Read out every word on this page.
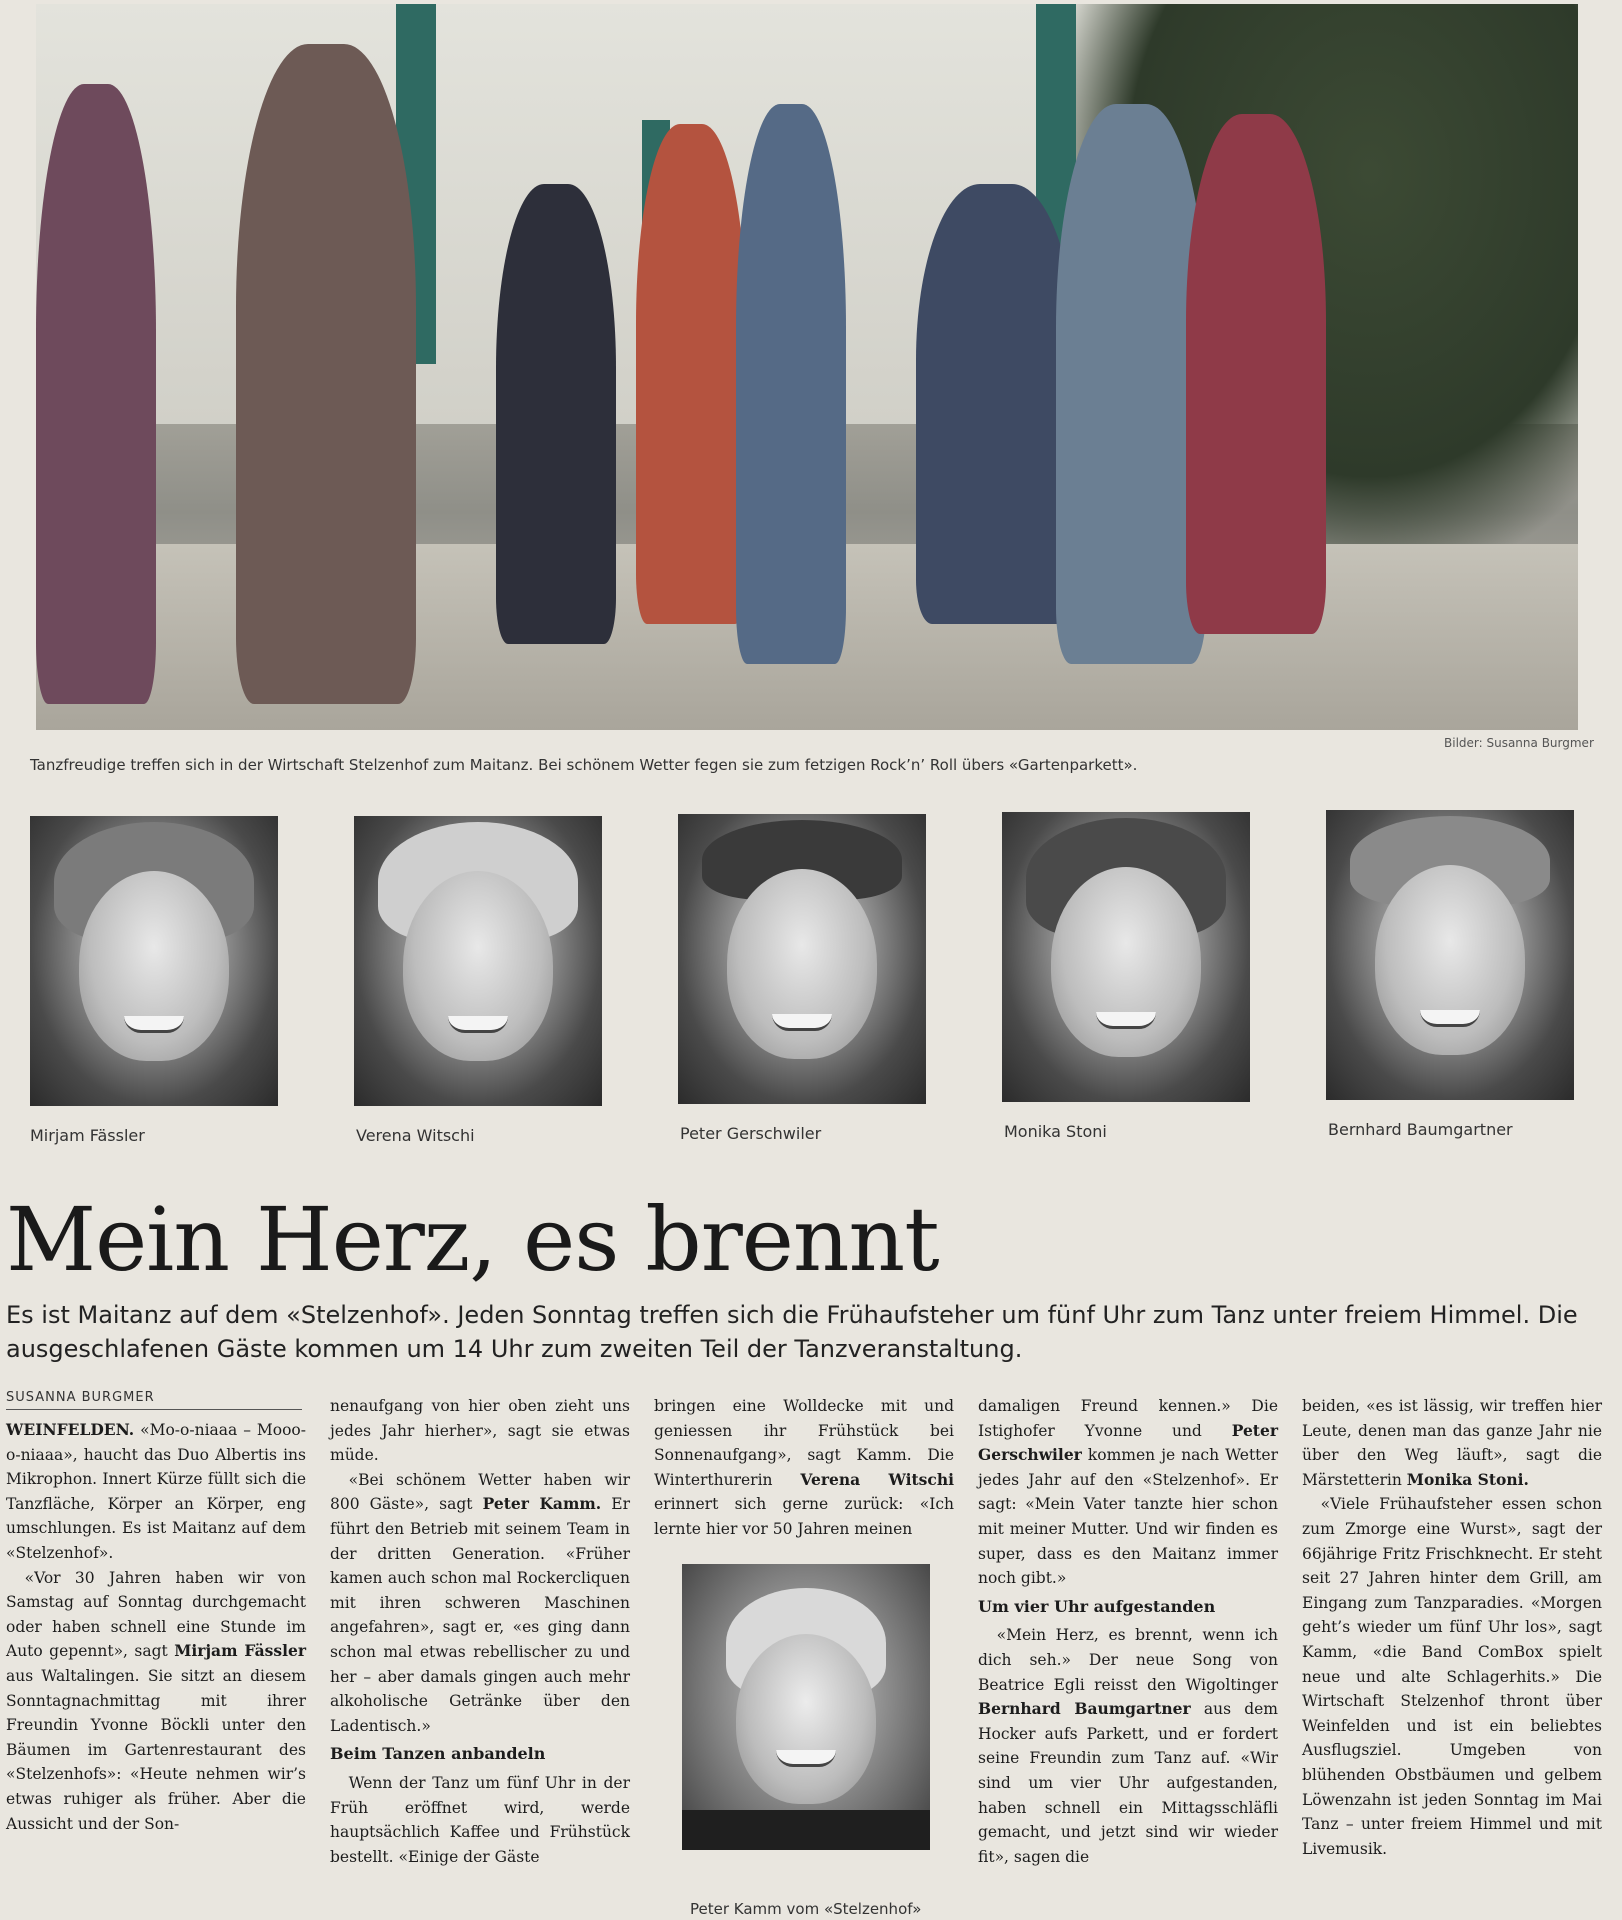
Bilder: Susanna Burgmer
Tanzfreudige treffen sich in der Wirtschaft Stelzenhof zum Maitanz. Bei schönem Wetter fegen sie zum fetzigen Rock’n’ Roll übers «Gartenparkett».
Mirjam Fässler	Verena Witschi	Peter Gerschwiler	Monika Stoni	Bernhard Baumgartner
Mein Herz, es brennt
Es ist Maitanz auf dem «Stelzenhof». Jeden Sonntag treffen sich die Frühaufsteher um fünf Uhr zum Tanz unter freiem Himmel. Die ausgeschlafenen Gäste kommen um 14 Uhr zum zweiten Teil der Tanzveranstaltung.
SUSANNA BURGMER

WEINFELDEN. «Mo-o-niaaa – Mooo-o-niaaa», haucht das Duo Albertis ins Mikrophon. Innert Kürze füllt sich die Tanzfläche, Körper an Körper, eng umschlungen. Es ist Maitanz auf dem «Stelzenhof».

«Vor 30 Jahren haben wir von Samstag auf Sonntag durchgemacht oder haben schnell eine Stunde im Auto gepennt», sagt Mirjam Fässler aus Waltalingen. Sie sitzt an diesem Sonntagnachmittag mit ihrer Freundin Yvonne Böckli unter den Bäumen im Gartenrestaurant des «Stelzenhofs»: «Heute nehmen wir’s etwas ruhiger als früher. Aber die Aussicht und der Son-

nenaufgang von hier oben zieht uns jedes Jahr hierher», sagt sie etwas müde.

«Bei schönem Wetter haben wir 800 Gäste», sagt Peter Kamm. Er führt den Betrieb mit seinem Team in der dritten Generation. «Früher kamen auch schon mal Rockercliquen mit ihren schweren Maschinen angefahren», sagt er, «es ging dann schon mal etwas rebellischer zu und her – aber damals gingen auch mehr alkoholische Getränke über den Ladentisch.»

Beim Tanzen anbandeln

Wenn der Tanz um fünf Uhr in der Früh eröffnet wird, werde hauptsächlich Kaffee und Frühstück bestellt. «Einige der Gäste

bringen eine Wolldecke mit und geniessen ihr Frühstück bei Sonnenaufgang», sagt Kamm. Die Winterthurerin Verena Witschi erinnert sich gerne zurück: «Ich lernte hier vor 50 Jahren meinen

Peter Kamm vom «Stelzenhof»

damaligen Freund kennen.» Die Istighofer Yvonne und Peter Gerschwiler kommen je nach Wetter jedes Jahr auf den «Stelzenhof». Er sagt: «Mein Vater tanzte hier schon mit meiner Mutter. Und wir finden es super, dass es den Maitanz immer noch gibt.»

Um vier Uhr aufgestanden

«Mein Herz, es brennt, wenn ich dich seh.» Der neue Song von Beatrice Egli reisst den Wigoltinger Bernhard Baumgartner aus dem Hocker aufs Parkett, und er fordert seine Freundin zum Tanz auf. «Wir sind um vier Uhr aufgestanden, haben schnell ein Mittagsschläfli gemacht, und jetzt sind wir wieder fit», sagen die

beiden, «es ist lässig, wir treffen hier Leute, denen man das ganze Jahr nie über den Weg läuft», sagt die Märstetterin Monika Stoni.

«Viele Frühaufsteher essen schon zum Zmorge eine Wurst», sagt der 66jährige Fritz Frischknecht. Er steht seit 27 Jahren hinter dem Grill, am Eingang zum Tanzparadies. «Morgen geht’s wieder um fünf Uhr los», sagt Kamm, «die Band ComBox spielt neue und alte Schlagerhits.» Die Wirtschaft Stelzenhof thront über Weinfelden und ist ein beliebtes Ausflugsziel. Umgeben von blühenden Obstbäumen und gelbem Löwenzahn ist jeden Sonntag im Mai Tanz – unter freiem Himmel und mit Livemusik.
